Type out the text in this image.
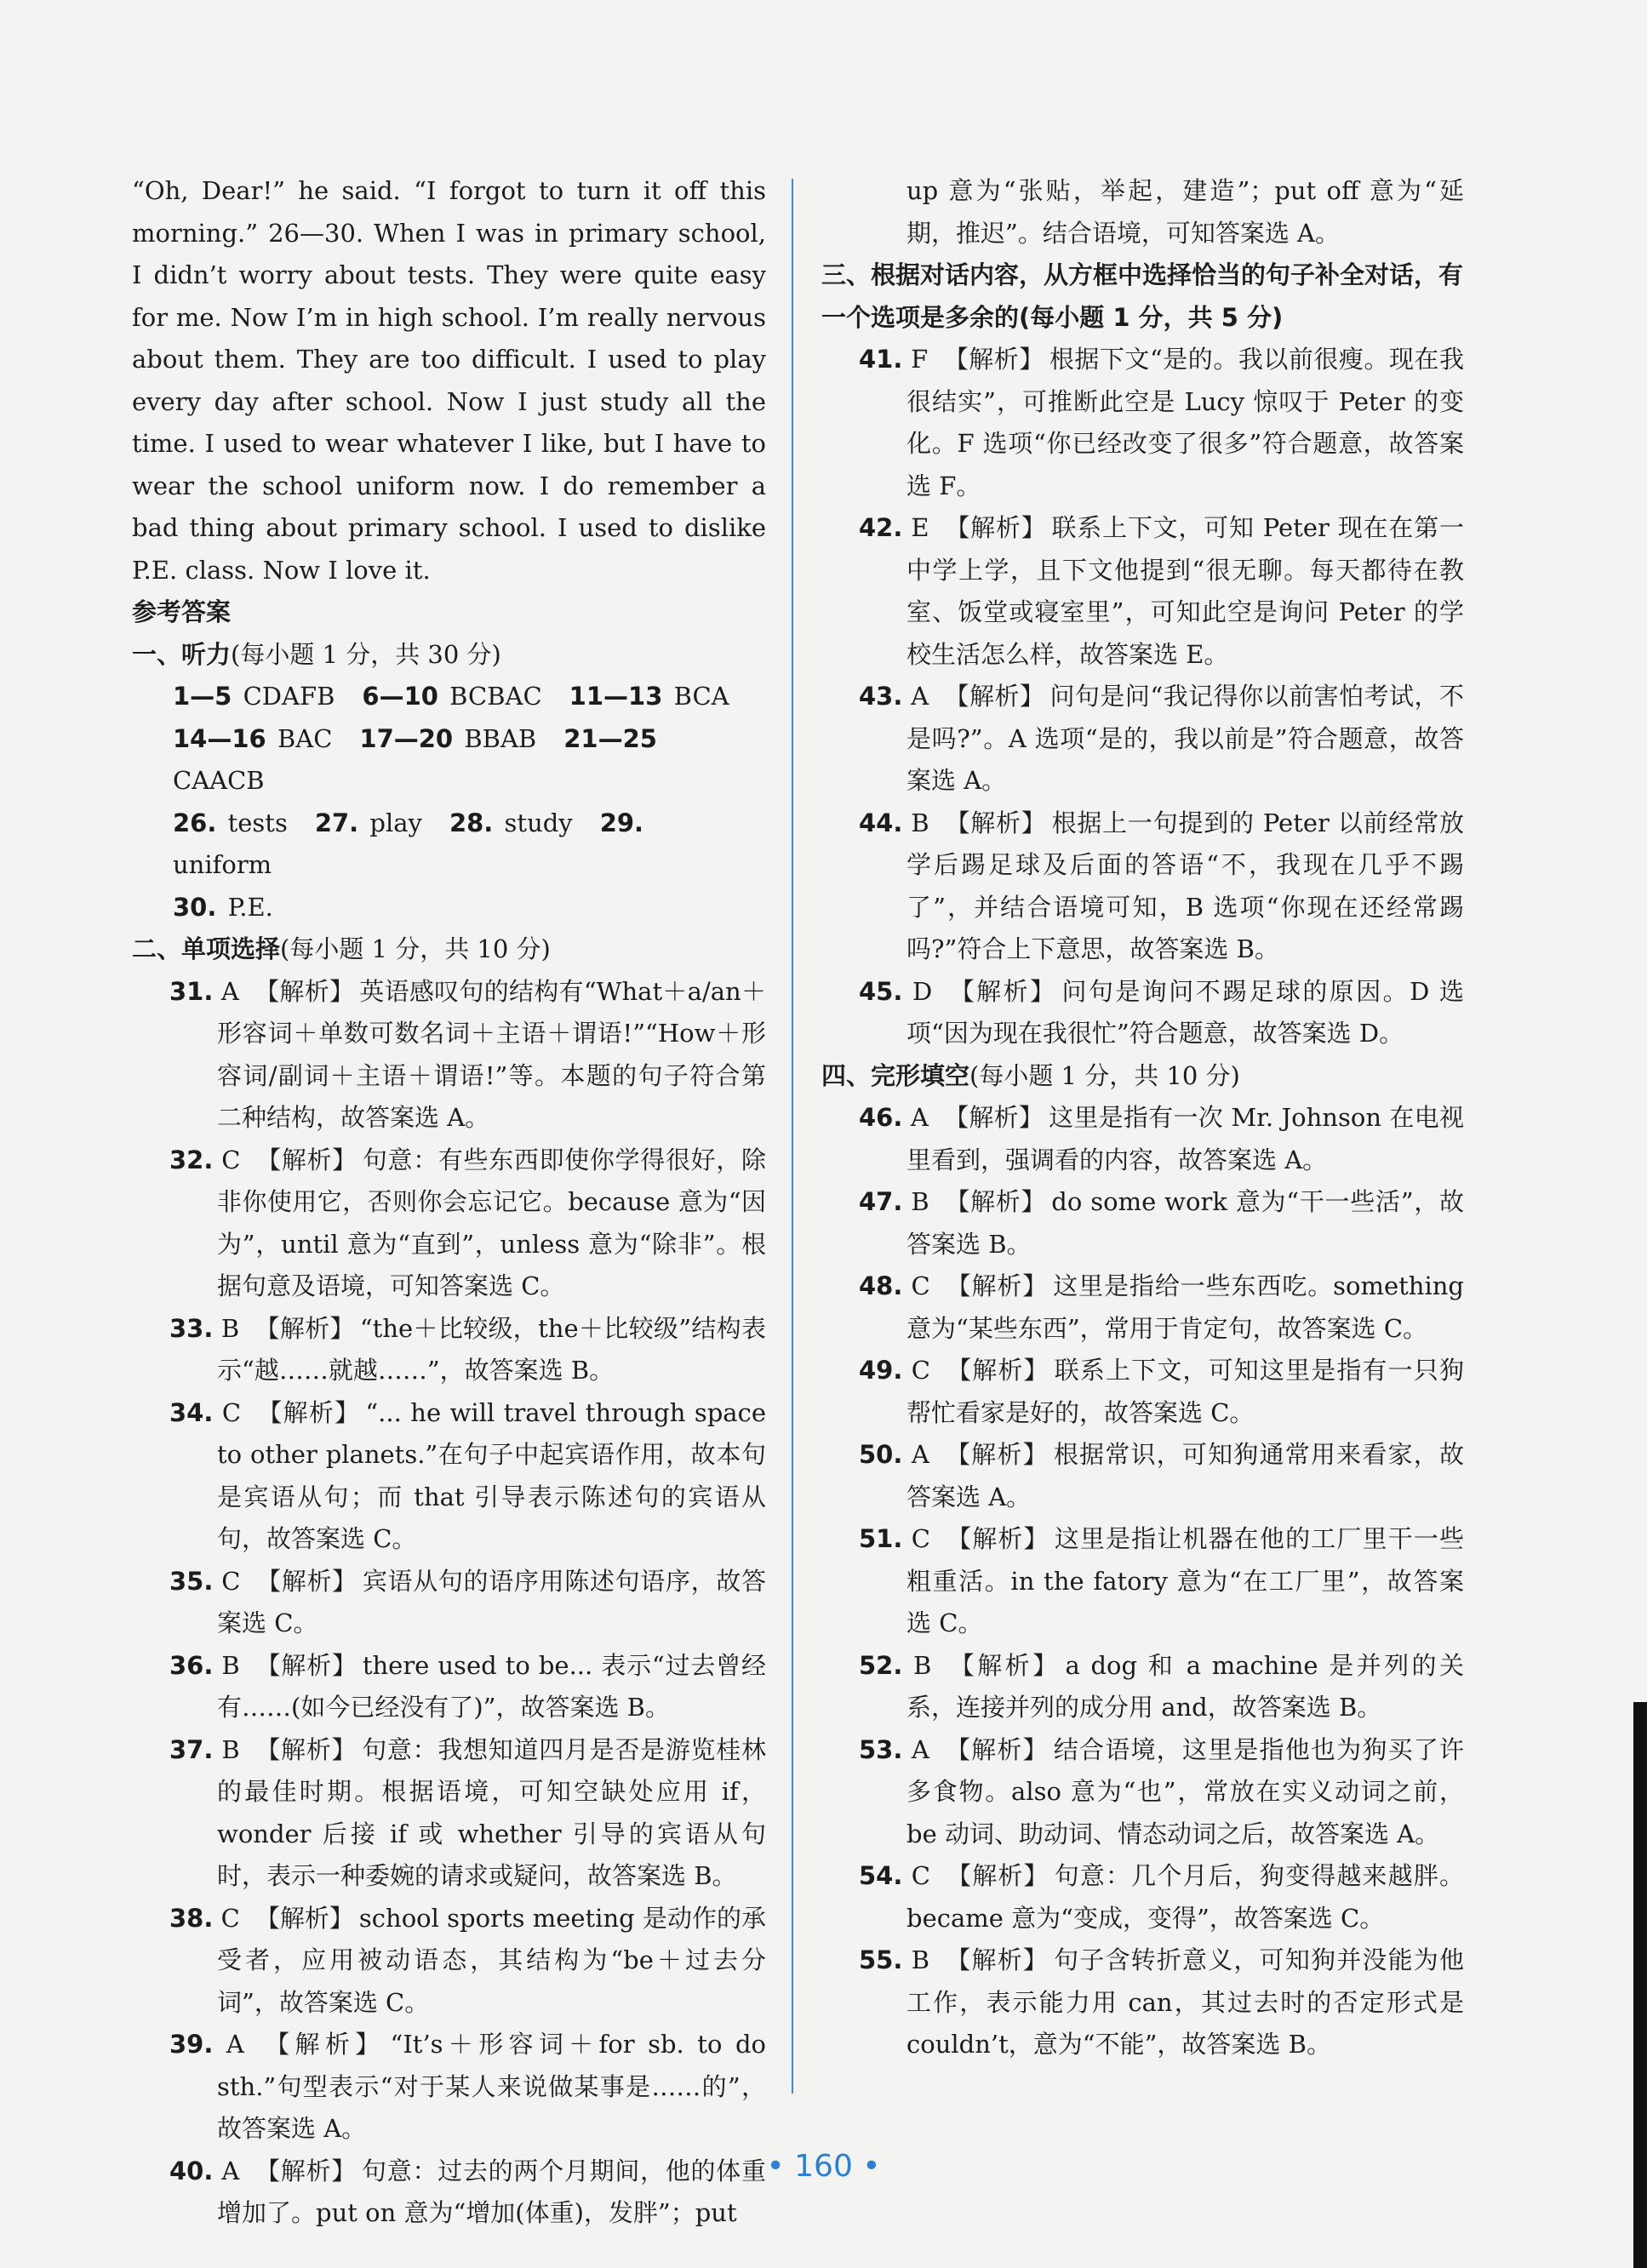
“Oh, Dear!” he said. “I forgot to turn it off this morning.” 26—30. When I was in primary school, I didn’t worry about tests. They were quite easy for me. Now I’m in high school. I’m really nervous about them. They are too difficult. I used to play every day after school. Now I just study all the time. I used to wear whatever I like, but I have to wear the school uniform now. I do remember a bad thing about primary school. I used to dislike P.E. class. Now I love it.

参考答案

一、听力(每小题 1 分，共 30 分)

1—5 CDAFB 6—10 BCBAC 11—13 BCA

14—16 BAC 17—20 BBAB 21—25 CAACB

26. tests 27. play 28. study 29. uniform

30. P.E.

二、单项选择(每小题 1 分，共 10 分)

31. A 【解析】 英语感叹句的结构有“What＋a/an＋形容词＋单数可数名词＋主语＋谓语!”“How＋形容词/副词＋主语＋谓语!”等。本题的句子符合第二种结构，故答案选 A。

32. C 【解析】 句意：有些东西即使你学得很好，除非你使用它，否则你会忘记它。because 意为“因为”，until 意为“直到”，unless 意为“除非”。根据句意及语境，可知答案选 C。

33. B 【解析】 “the＋比较级，the＋比较级”结构表示“越……就越……”，故答案选 B。

34. C 【解析】 “... he will travel through space to other planets.”在句子中起宾语作用，故本句是宾语从句；而 that 引导表示陈述句的宾语从句，故答案选 C。

35. C 【解析】 宾语从句的语序用陈述句语序，故答案选 C。

36. B 【解析】 there used to be... 表示“过去曾经有……(如今已经没有了)”，故答案选 B。

37. B 【解析】 句意：我想知道四月是否是游览桂林的最佳时期。根据语境，可知空缺处应用 if，wonder 后接 if 或 whether 引导的宾语从句时，表示一种委婉的请求或疑问，故答案选 B。

38. C 【解析】 school sports meeting 是动作的承受者，应用被动语态，其结构为“be＋过去分词”，故答案选 C。

39. A 【解析】 “It’s＋形容词＋for sb. to do sth.”句型表示“对于某人来说做某事是……的”，故答案选 A。

40. A 【解析】 句意：过去的两个月期间，他的体重增加了。put on 意为“增加(体重)，发胖”；put

up 意为“张贴，举起，建造”；put off 意为“延期，推迟”。结合语境，可知答案选 A。

三、根据对话内容，从方框中选择恰当的句子补全对话，有一个选项是多余的(每小题 1 分，共 5 分)

41. F 【解析】 根据下文“是的。我以前很瘦。现在我很结实”，可推断此空是 Lucy 惊叹于 Peter 的变化。F 选项“你已经改变了很多”符合题意，故答案选 F。

42. E 【解析】 联系上下文，可知 Peter 现在在第一中学上学，且下文他提到“很无聊。每天都待在教室、饭堂或寝室里”，可知此空是询问 Peter 的学校生活怎么样，故答案选 E。

43. A 【解析】 问句是问“我记得你以前害怕考试，不是吗?”。A 选项“是的，我以前是”符合题意，故答案选 A。

44. B 【解析】 根据上一句提到的 Peter 以前经常放学后踢足球及后面的答语“不，我现在几乎不踢了”，并结合语境可知，B 选项“你现在还经常踢吗?”符合上下意思，故答案选 B。

45. D 【解析】 问句是询问不踢足球的原因。D 选项“因为现在我很忙”符合题意，故答案选 D。

四、完形填空(每小题 1 分，共 10 分)

46. A 【解析】 这里是指有一次 Mr. Johnson 在电视里看到，强调看的内容，故答案选 A。

47. B 【解析】 do some work 意为“干一些活”，故答案选 B。

48. C 【解析】 这里是指给一些东西吃。something 意为“某些东西”，常用于肯定句，故答案选 C。

49. C 【解析】 联系上下文，可知这里是指有一只狗帮忙看家是好的，故答案选 C。

50. A 【解析】 根据常识，可知狗通常用来看家，故答案选 A。

51. C 【解析】 这里是指让机器在他的工厂里干一些粗重活。in the fatory 意为“在工厂里”，故答案选 C。

52. B 【解析】 a dog 和 a machine 是并列的关系，连接并列的成分用 and，故答案选 B。

53. A 【解析】 结合语境，这里是指他也为狗买了许多食物。also 意为“也”，常放在实义动词之前，be 动词、助动词、情态动词之后，故答案选 A。

54. C 【解析】 句意：几个月后，狗变得越来越胖。became 意为“变成，变得”，故答案选 C。

55. B 【解析】 句子含转折意义，可知狗并没能为他工作，表示能力用 can，其过去时的否定形式是 couldn’t，意为“不能”，故答案选 B。

• 160 •
